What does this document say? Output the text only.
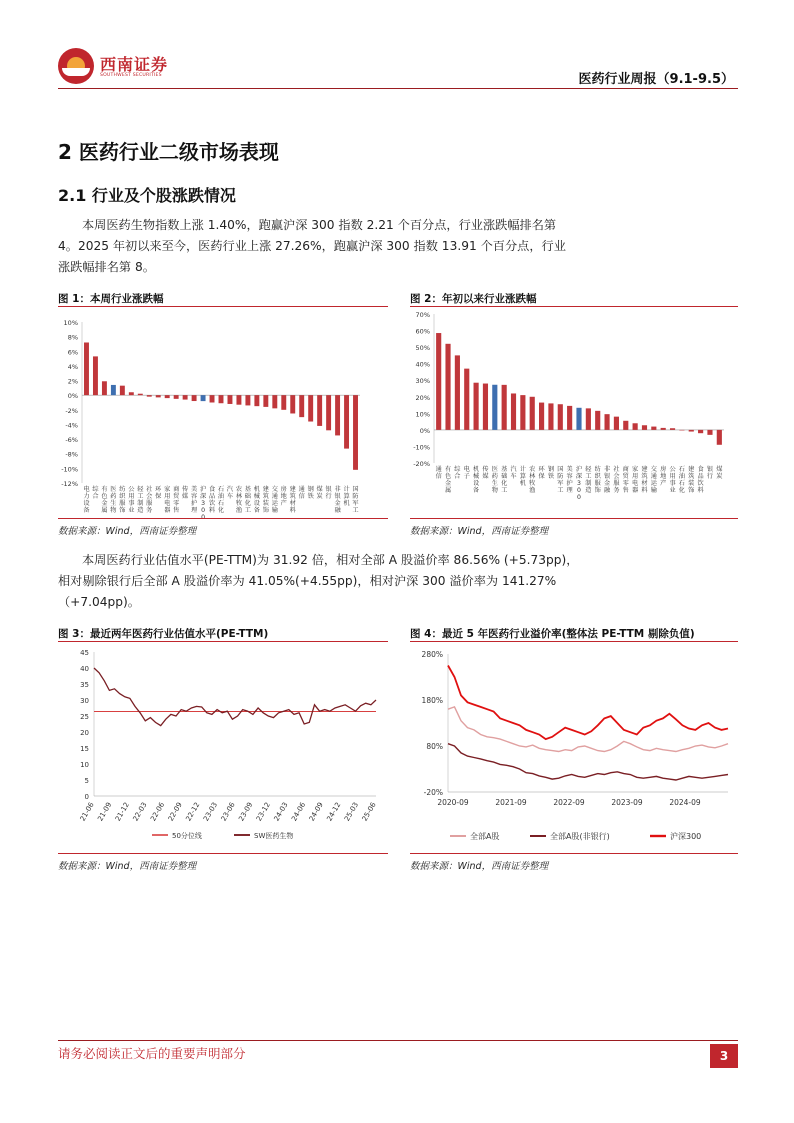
西南证券
SOUTHWEST SECURITIES	医药行业周报（9.1-9.5）
2 医药行业二级市场表现
2.1 行业及个股涨跌情况
本周医药生物指数上涨 1.40%，跑赢沪深 300 指数 2.21 个百分点，行业涨跌幅排名第
4。2025 年初以来至今，医药行业上涨 27.26%，跑赢沪深 300 指数 13.91 个百分点，行业
涨跌幅排名第 8。
图 1：本周行业涨跌幅
10%
8%
6%
4%
2%
0%
-2%
-4%
-6%
-8%
-10%
-12%
电力设备
综合
有色金属
医药生物
纺织服饰
公用事业
轻工制造
社会服务
环保
家用电器
商贸零售
传媒
美容护理
沪深 3 0
食品饮料
石油石化
汽车
农林牧渔
基础化工
机械设备
建筑装饰
交通运输
房地产
建筑材料
通信
钢铁
煤炭
银行
非银金融
计算机
国防军工
数据来源：Wind，西南证券整理
图 2：年初以来行业涨跌幅
70%
60%
50%
40%
30%
20%
10%
0%
-10%
-20%
通信
有色金属
综合
电子
机械设备
传媒
医药生物
基础化工
汽车
计算机
农林牧渔
环保
钢铁
国防军工
美容护理
沪深 3 0 0
轻工制造
纺织服饰
非银金融
社会服务
商贸零售
家用电器
建筑材料
交通运输
房地产
公用事业
石油石化
建筑装饰
食品饮料
银行
煤炭
数据来源：Wind，西南证券整理
本周医药行业估值水平(PE-TTM)为 31.92 倍，相对全部 A 股溢价率 86.56% (+5.73pp)，
相对剔除银行后全部 A 股溢价率为 41.05%(+4.55pp)，相对沪深 300 溢价率为 141.27%
（+7.04pp)。
图 3：最近两年医药行业估值水平(PE-TTM)
45
40
35
30
25
20
15
10
5
0
21-06 21-09 21-12 22-03 22-06 22-09 22-12 23-03 23-06 23-09 23-12 24-03 24-06 24-09 24-12 25-03 25-06
50分位线	SW医药生物
数据来源：Wind，西南证券整理
图 4：最近 5 年医药行业溢价率(整体法 PE-TTM 剔除负值)
280%
180%
80%
-20%
2020-09	2021-09	2022-09	2023-09	2024-09
全部A股	全部A股(非银行)	沪深300
数据来源：Wind，西南证券整理
请务必阅读正文后的重要声明部分	3
